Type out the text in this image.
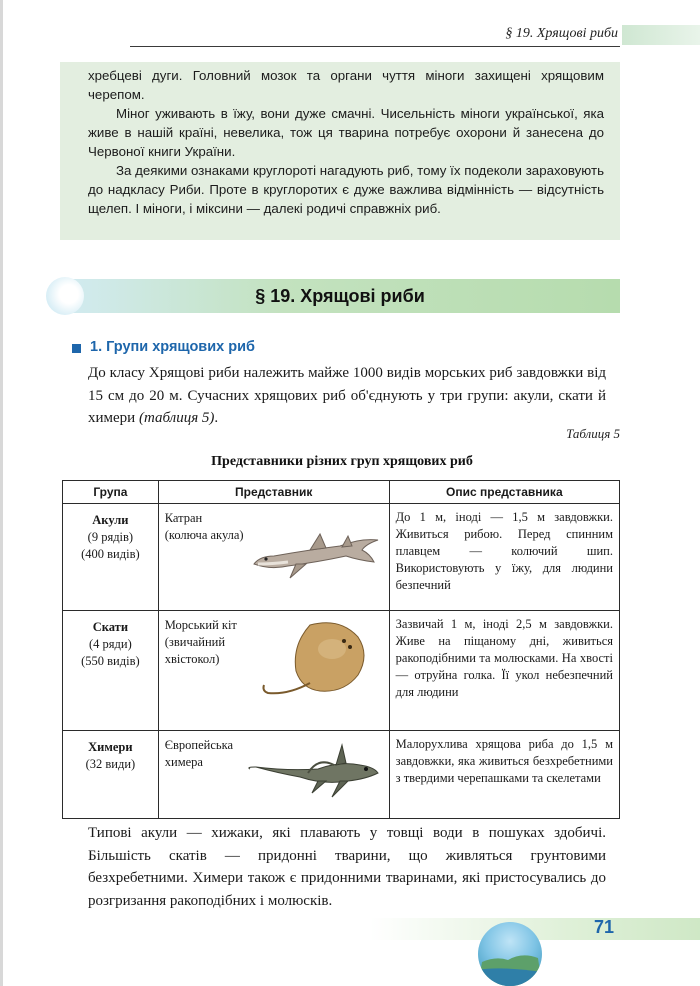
§ 19. Хрящові риби

хребцеві дуги. Головний мозок та органи чуття міноги захищені хрящовим черепом.

Міног уживають в їжу, вони дуже смачні. Чисельність міноги української, яка живе в нашій країні, невелика, тож ця тварина потребує охорони й занесена до Червоної книги України.

За деякими ознаками круглороті нагадують риб, тому їх подеколи зараховують до надкласу Риби. Проте в круглоротих є дуже важлива відмінність — відсутність щелеп. І міноги, і міксини — далекі родичі справжніх риб.

§ 19. Хрящові риби
1. Групи хрящових риб

До класу Хрящові риби належить майже 1000 видів морських риб завдовжки від 15 см до 20 м. Сучасних хрящових риб об'єднують у три групи: акули, скати й химери (таблиця 5).

Таблиця 5
Представники різних груп хрящових риб
Група	Представник		Опис представника

Акули
(9 рядів)
(400 видів)	Катран (колюча акула)		До 1 м, іноді — 1,5 м завдовжки. Живиться рибою. Перед спинним плавцем — колючий шип. Використовують у їжу, для людини безпечний

Скати
(4 ряди)
(550 видів)	Морський кіт (звичайний хвістокол)		Зазвичай 1 м, іноді 2,5 м завдовжки. Живе на піщаному дні, живиться ракоподібними та молюсками. На хвості — отруйна голка. Її укол небезпечний для людини

Химери
(32 види)	Європейська химера		Малорухлива хрящова риба до 1,5 м завдовжки, яка живиться безхребетними з твердими черепашками та скелетами

Типові акули — хижаки, які плавають у товщі води в пошуках здобичі. Більшість скатів — придонні тварини, що живляться грунтовими безхребетними. Химери також є придонними тваринами, які пристосувались до розгризання ракоподібних і молюсків.

71
